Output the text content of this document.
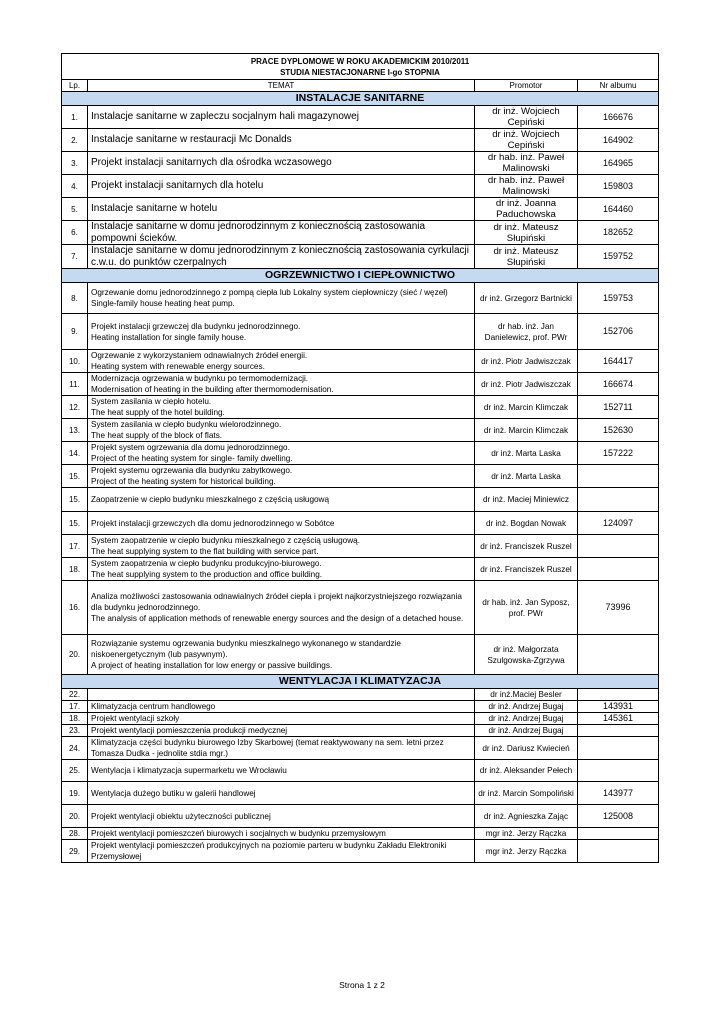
PRACE DYPLOMOWE W ROKU AKADEMICKIM 2010/2011			
STUDIA NIESTACJONARNE I-go STOPNIA			
Lp.	TEMAT	Promotor	Nr albumu
INSTALACJE SANITARNE			
1.	Instalacje sanitarne w zapleczu socjalnym hali magazynowej	dr inż. Wojciech Cepiński	166676
2.	Instalacje sanitarne w restauracji Mc Donalds	dr inż. Wojciech Cepiński	164902
3.	Projekt instalacji sanitarnych dla ośrodka wczasowego	dr hab. inż. Paweł Malinowski	164965
4.	Projekt instalacji sanitarnych dla hotelu	dr hab. inż. Paweł Malinowski	159803
5.	Instalacje sanitarne w hotelu	dr inż. Joanna Paduchowska	164460
6.	Instalacje sanitarne w domu jednorodzinnym z koniecznością zastosowania pompowni ścieków.	dr inż. Mateusz Słupiński	182652
7.	Instalacje sanitarne w domu jednorodzinnym z koniecznością zastosowania cyrkulacji c.w.u. do punktów czerpalnych	dr inż. Mateusz Słupiński	159752
OGRZEWNICTWO I CIEPŁOWNICTWO			
8.	Ogrzewanie domu jednorodzinnego z pompą ciepła lub Lokalny system ciepłowniczy (sieć / węzeł)
Single-family house heating heat pump.	dr inż. Grzegorz Bartnicki	159753
9.	Projekt instalacji grzewczej dla budynku jednorodzinnego.
Heating installation for single family house.	dr hab. inż. Jan Danielewicz, prof. PWr	152706
10.	Ogrzewanie z wykorzystaniem odnawialnych źródeł energii.
Heating system with renewable energy sources.	dr inż. Piotr Jadwiszczak	164417
11.	Modernizacja ogrzewania w budynku po termomodernizacji.
Modernisation of heating in the building after thermomodernisation.	dr inż. Piotr Jadwiszczak	166674
12.	System zasilania w ciepło hotelu.
The heat supply of the hotel building.	dr inż. Marcin Klimczak	152711
13.	System zasilania w ciepło budynku wielorodzinnego.
The heat supply of the block of flats.	dr inż. Marcin Klimczak	152630
14.	Projekt system ogrzewania dla domu jednorodzinnego.
Project of the heating system for single- family dwelling.	dr inż. Marta Laska	157222
15.	Projekt systemu ogrzewania dla budynku zabytkowego.
Project of the heating system for historical building.	dr inż. Marta Laska	
15.	Zaopatrzenie w ciepło budynku mieszkalnego z częścią usługową	dr inż. Maciej Miniewicz	
15.	Projekt instalacji grzewczych dla domu jednorodzinnego w Sobótce	dr inż. Bogdan Nowak	124097
17.	System zaopatrzenie w ciepło budynku mieszkalnego z częścią usługową.
The heat supplying system to the flat building with service part.	dr inż. Franciszek Ruszel	
18.	System zaopatrzenia w ciepło budynku produkcyjno-biurowego.
The heat supplying system to the production and office building.	dr inż. Franciszek Ruszel	
16.	Analiza możliwości zastosowania odnawialnych źródeł ciepła i projekt najkorzystniejszego rozwiązania dla budynku jednorodzinnego.
The analysis of application methods of renewable energy sources and the design of a detached house.	dr hab. inż. Jan Syposz, prof. PWr	73996
20.	Rozwiązanie systemu ogrzewania budynku mieszkalnego wykonanego w standardzie niskoenergetycznym (lub pasywnym).
A project of heating installation for low energy or passive buildings.	dr inż. Małgorzata Szulgowska-Zgrzywa	
WENTYLACJA I KLIMATYZACJA			
22.		dr inż.Maciej Besler	
17.	Klimatyzacja centrum handlowego	dr inż. Andrzej Bugaj	143931
18.	Projekt wentylacji szkoły	dr inż. Andrzej Bugaj	145361
23.	Projekt wentylacji pomieszczenia produkcji medycznej	dr inż. Andrzej Bugaj	
24.	Klimatyzacja części budynku biurowego Izby Skarbowej (temat reaktywowany na sem. letni przez Tomasza Dudka - jednolite stdia mgr.)	dr inż. Dariusz Kwiecień	
25.	Wentylacja i klimatyzacja supermarketu we Wrocławiu	dr inż. Aleksander Pełech	
19.	Wentylacja dużego butiku w galerii handlowej	dr inż. Marcin Sompoliński	143977
20.	Projekt wentylacji obiektu użyteczności publicznej	dr inż. Agnieszka Zając	125008
28.	Projekt wentylacji pomieszczeń biurowych i socjalnych w budynku przemysłowym	mgr inż. Jerzy Rączka	
29.	Projekt wentylacji pomieszczeń produkcyjnych na poziomie parteru w budynku Zakładu Elektroniki Przemysłowej	mgr inż. Jerzy Rączka	
Strona 1 z 2
